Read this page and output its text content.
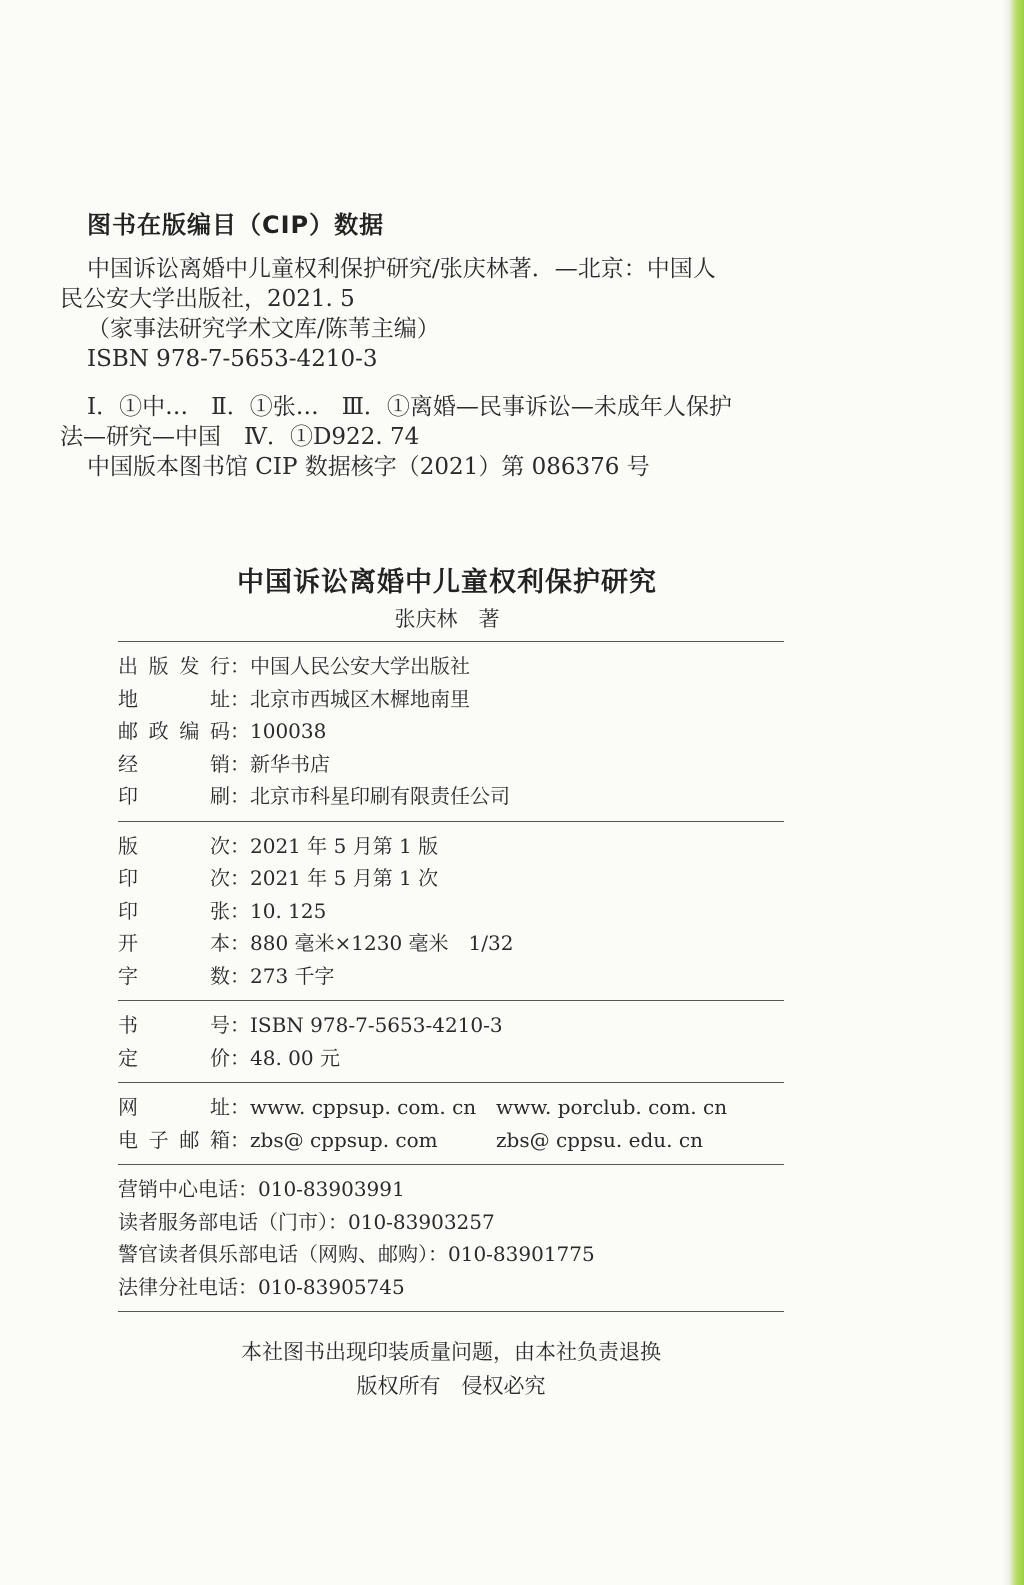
图书在版编目（CIP）数据
中国诉讼离婚中儿童权利保护研究/张庆林著．—北京：中国人
民公安大学出版社，2021. 5
（家事法研究学术文库/陈苇主编）
ISBN 978-7-5653-4210-3
Ⅰ．①中…　Ⅱ．①张…　Ⅲ．①离婚—民事诉讼—未成年人保护
法—研究—中国　Ⅳ．①D922. 74
中国版本图书馆 CIP 数据核字（2021）第 086376 号
中国诉讼离婚中儿童权利保护研究
张庆林　著
出 版 发 行 ： 中国人民公安大学出版社
地	址 ： 北京市西城区木樨地南里
邮 政 编 码 ： 100038
经	销 ： 新华书店
印	刷 ： 北京市科星印刷有限责任公司
版	次 ： 2021 年 5 月第 1 版
印	次 ： 2021 年 5 月第 1 次
印	张 ： 10. 125
开	本 ： 880 毫米×1230 毫米　1/32
字	数 ： 273 千字
书	号 ： ISBN 978-7-5653-4210-3
定	价 ： 48. 00 元
网	址 ： www. cppsup. com. cn www. porclub. com. cn
电 子 邮 箱 ： zbs@ cppsup. com	zbs@ cppsu. edu. cn
营销中心电话：010-83903991
读者服务部电话（门市）：010-83903257
警官读者俱乐部电话（网购、邮购）：010-83901775
法律分社电话：010-83905745
本社图书出现印装质量问题，由本社负责退换
版权所有　侵权必究
